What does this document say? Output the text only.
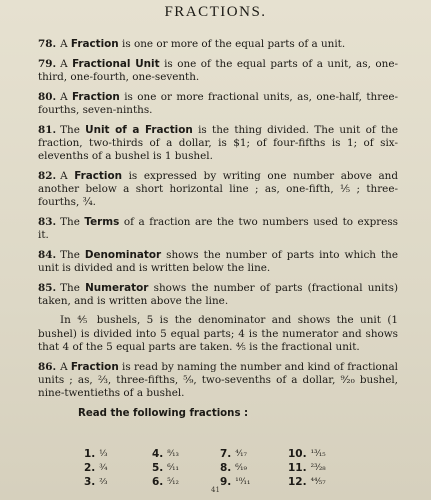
FRACTIONS.

78. A Fraction is one or more of the equal parts of a unit.

79. A Fractional Unit is one of the equal parts of a unit, as, one-third, one-fourth, one-seventh.

80. A Fraction is one or more fractional units, as, one-half, three-fourths, seven-ninths.

81. The Unit of a Fraction is the thing divided. The unit of the fraction, two-thirds of a dollar, is $1; of four-fifths is 1; of six-elevenths of a bushel is 1 bushel.

82. A Fraction is expressed by writing one number above and another below a short horizontal line ; as, one-fifth, ⅕ ; three-fourths, ¾.

83. The Terms of a fraction are the two numbers used to express it.

84. The Denominator shows the number of parts into which the unit is divided and is written below the line.

85. The Numerator shows the number of parts (fractional units) taken, and is written above the line.

In ⅘ bushels, 5 is the denominator and shows the unit (1 bushel) is divided into 5 equal parts; 4 is the numerator and shows that 4 of the 5 equal parts are taken. ⅘ is the fractional unit.

86. A Fraction is read by naming the number and kind of fractional units ; as, ⅔, three-fifths, ⁵⁄₉, two-sevenths of a dollar, ⁹⁄₂₀ bushel, nine-twentieths of a bushel.

Read the following fractions :
1. ⅓	4. ⁸⁄₁₃	7. ⁴⁄₁₇	10. ¹³⁄₁₅
2. ¾	5. ⁶⁄₁₁	8. ⁶⁄₁₉	11. ²³⁄₂₈
3. ⅔	6. ⁵⁄₁₂	9. ¹⁰⁄₁₁	12. ⁴⁴⁄₅₇
41
